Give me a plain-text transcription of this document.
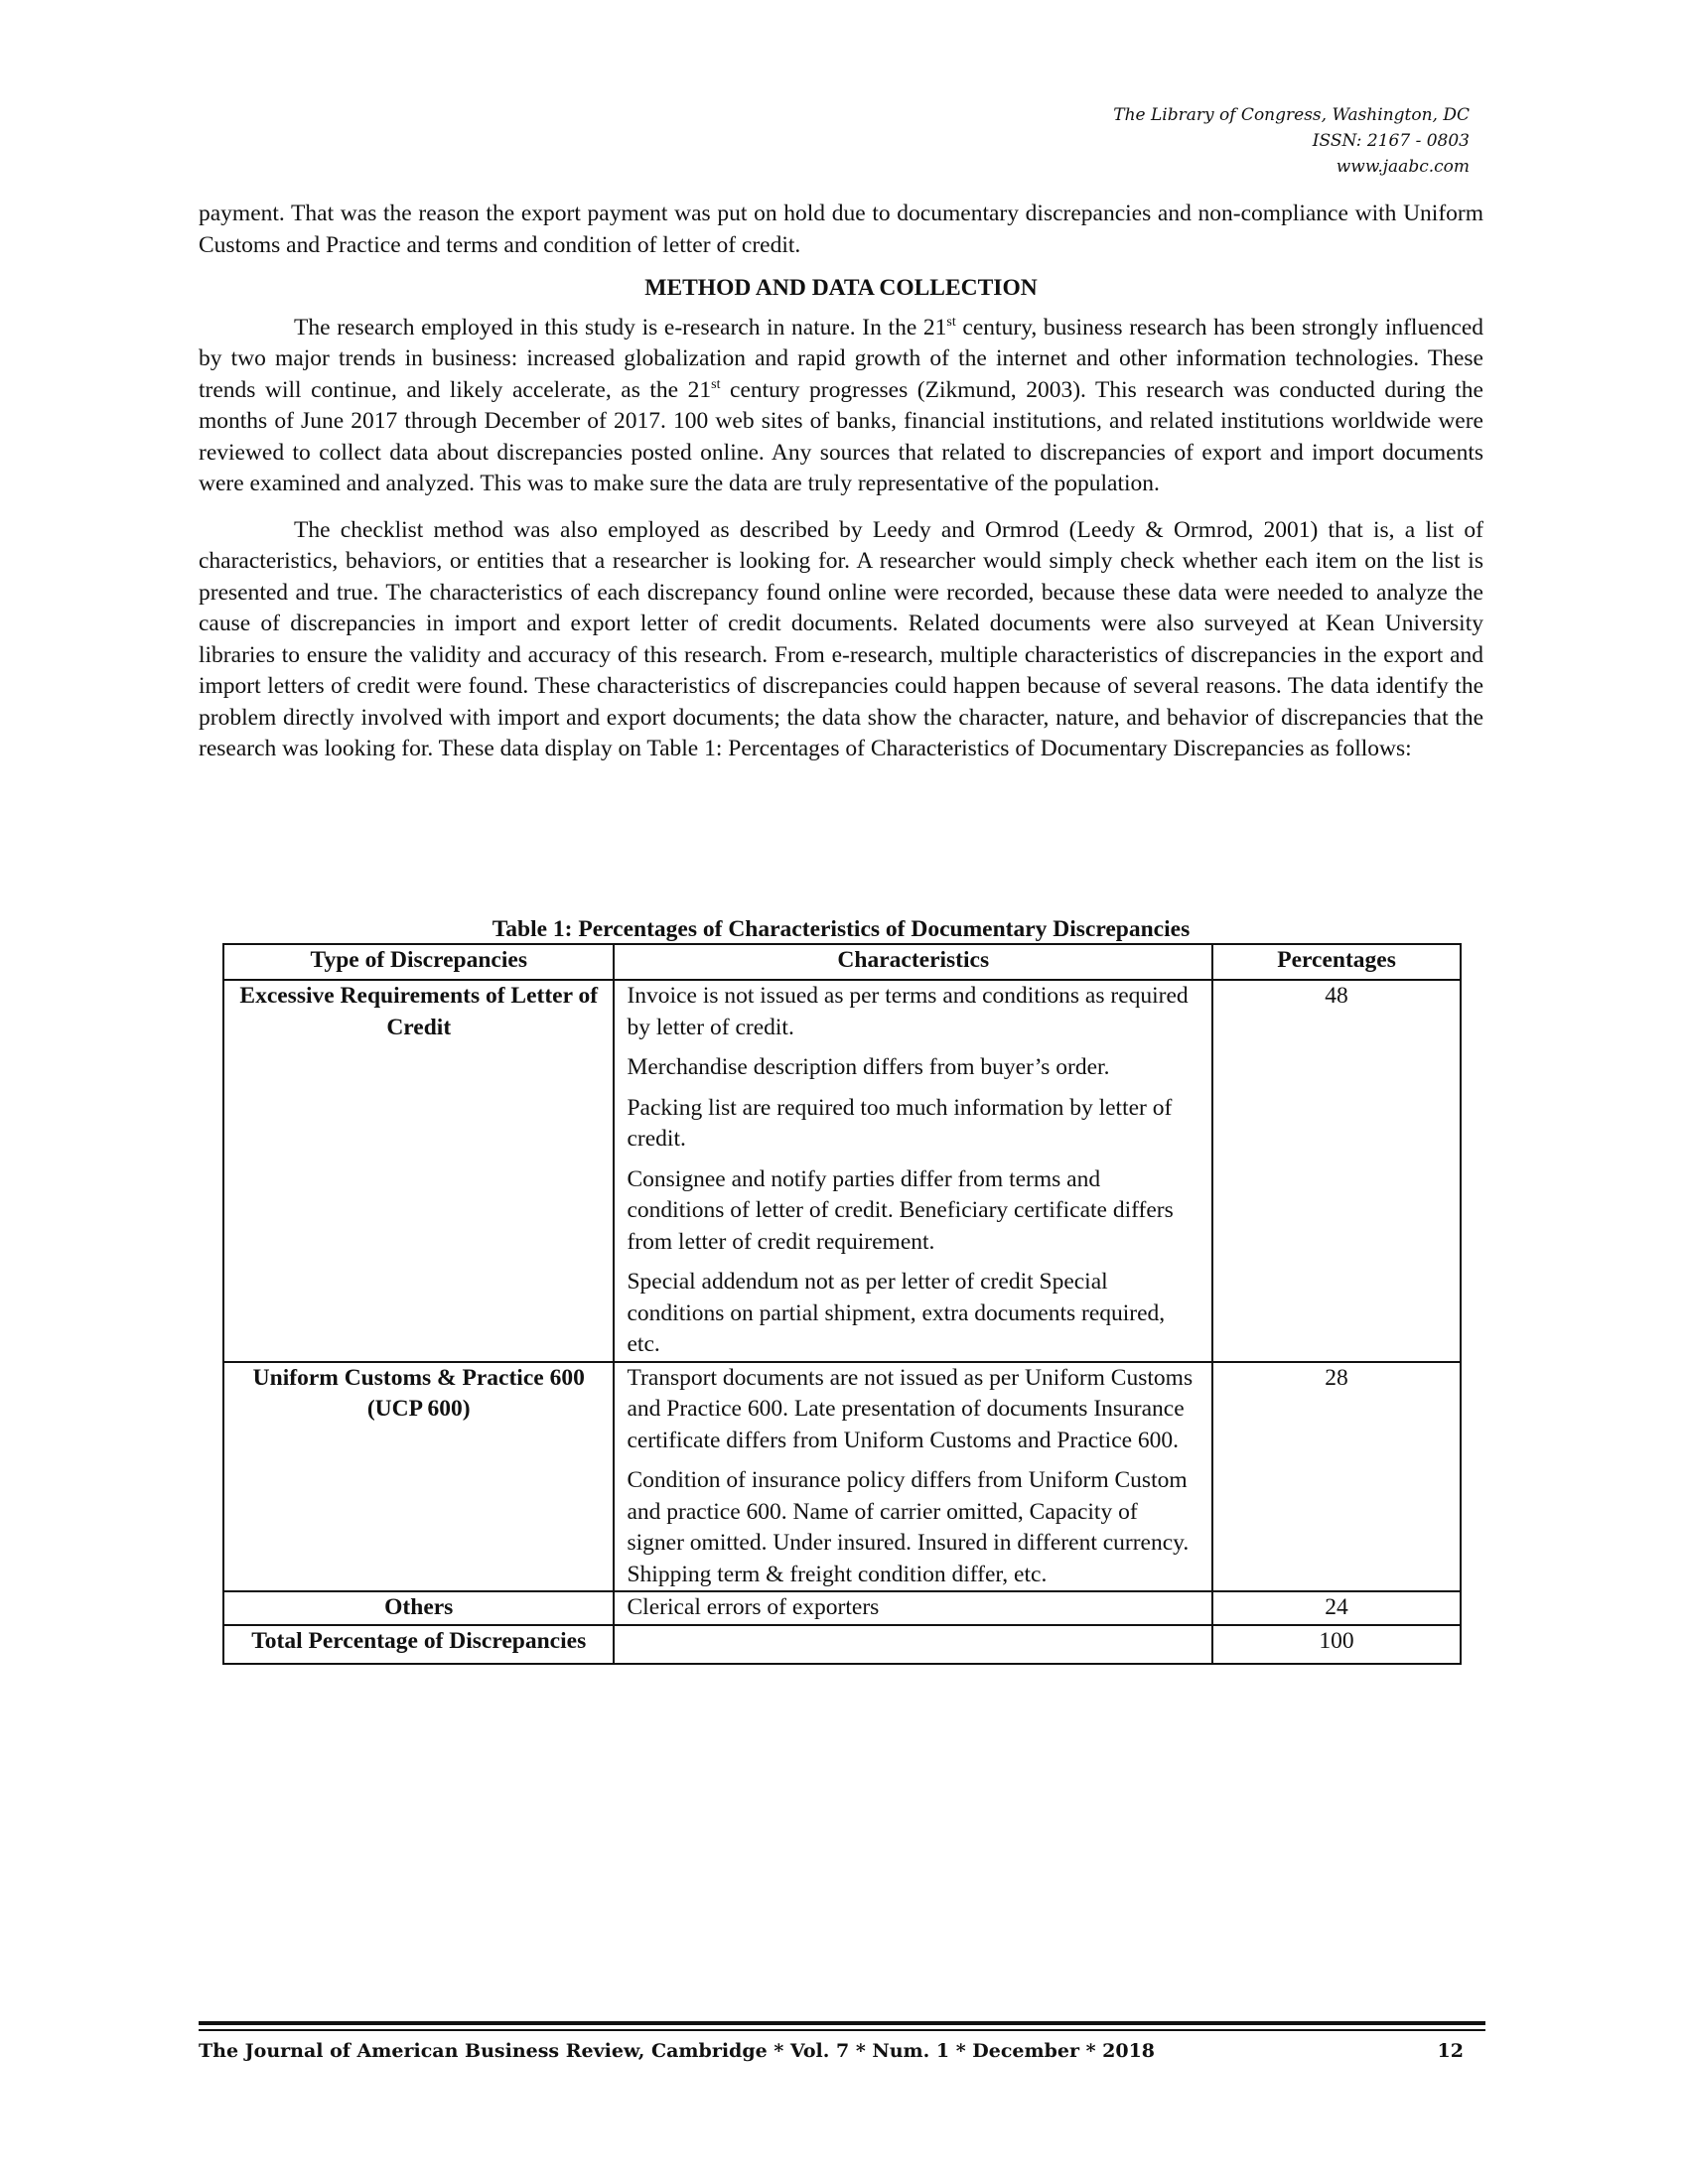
The Library of Congress, Washington, DC
ISSN: 2167 - 0803
www.jaabc.com

payment. That was the reason the export payment was put on hold due to documentary discrepancies and non-compliance with Uniform Customs and Practice and terms and condition of letter of credit.

METHOD AND DATA COLLECTION

The research employed in this study is e-research in nature. In the 21st century, business research has been strongly influenced by two major trends in business: increased globalization and rapid growth of the internet and other information technologies. These trends will continue, and likely accelerate, as the 21st century progresses (Zikmund, 2003). This research was conducted during the months of June 2017 through December of 2017. 100 web sites of banks, financial institutions, and related institutions worldwide were reviewed to collect data about discrepancies posted online. Any sources that related to discrepancies of export and import documents were examined and analyzed. This was to make sure the data are truly representative of the population.

The checklist method was also employed as described by Leedy and Ormrod (Leedy & Ormrod, 2001) that is, a list of characteristics, behaviors, or entities that a researcher is looking for. A researcher would simply check whether each item on the list is presented and true. The characteristics of each discrepancy found online were recorded, because these data were needed to analyze the cause of discrepancies in import and export letter of credit documents. Related documents were also surveyed at Kean University libraries to ensure the validity and accuracy of this research. From e-research, multiple characteristics of discrepancies in the export and import letters of credit were found. These characteristics of discrepancies could happen because of several reasons. The data identify the problem directly involved with import and export documents; the data show the character, nature, and behavior of discrepancies that the research was looking for. These data display on Table 1: Percentages of Characteristics of Documentary Discrepancies as follows:

Table 1: Percentages of Characteristics of Documentary Discrepancies
Type of Discrepancies	Characteristics	Percentages
Excessive Requirements of Letter of Credit	Invoice is not issued as per terms and conditions as required by letter of credit.
Merchandise description differs from buyer’s order.
Packing list are required too much information by letter of credit.
Consignee and notify parties differ from terms and conditions of letter of credit. Beneficiary certificate differs from letter of credit requirement.
Special addendum not as per letter of credit Special conditions on partial shipment, extra documents required, etc.	48
Uniform Customs & Practice 600 (UCP 600)	Transport documents are not issued as per Uniform Customs and Practice 600. Late presentation of documents Insurance certificate differs from Uniform Customs and Practice 600.
Condition of insurance policy differs from Uniform Custom and practice 600. Name of carrier omitted, Capacity of signer omitted. Under insured. Insured in different currency. Shipping term & freight condition differ, etc.	28
Others	Clerical errors of exporters	24
Total Percentage of Discrepancies		100
The Journal of American Business Review, Cambridge * Vol. 7 * Num. 1 * December * 2018	12
